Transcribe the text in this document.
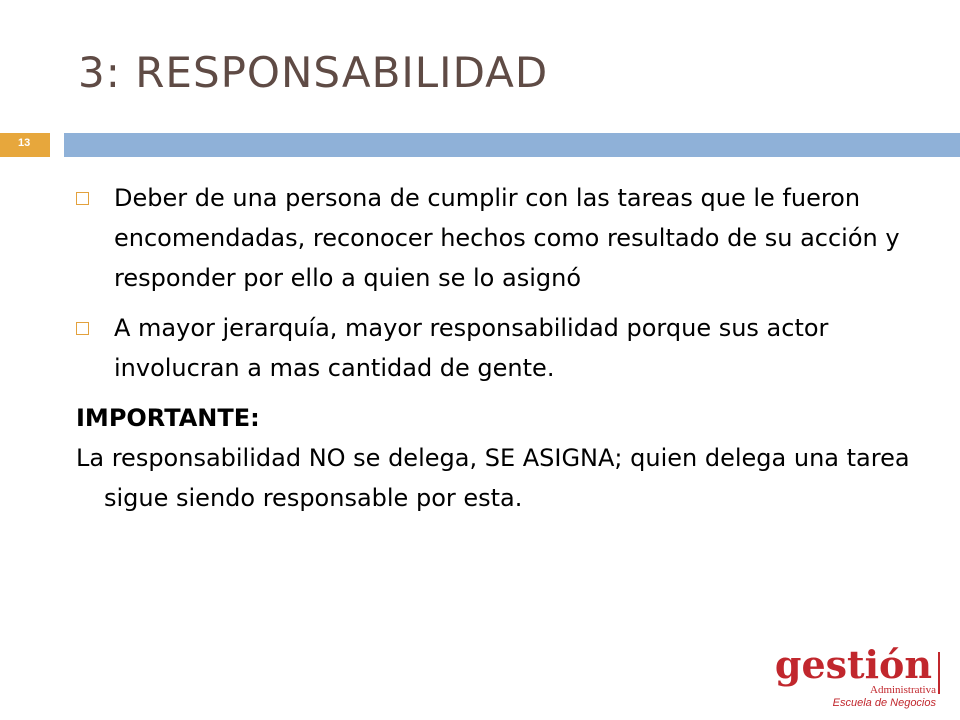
3: RESPONSABILIDAD
13
Deber de una persona de cumplir con las tareas que le fueron encomendadas, reconocer hechos como resultado de su acción y responder por ello a quien se lo asignó
A mayor jerarquía, mayor responsabilidad porque sus actor involucran a mas cantidad de gente.
IMPORTANTE:
La responsabilidad NO se delega, SE ASIGNA; quien delega una tarea sigue siendo responsable por esta.
gestión
Administrativa
Escuela de Negocios
